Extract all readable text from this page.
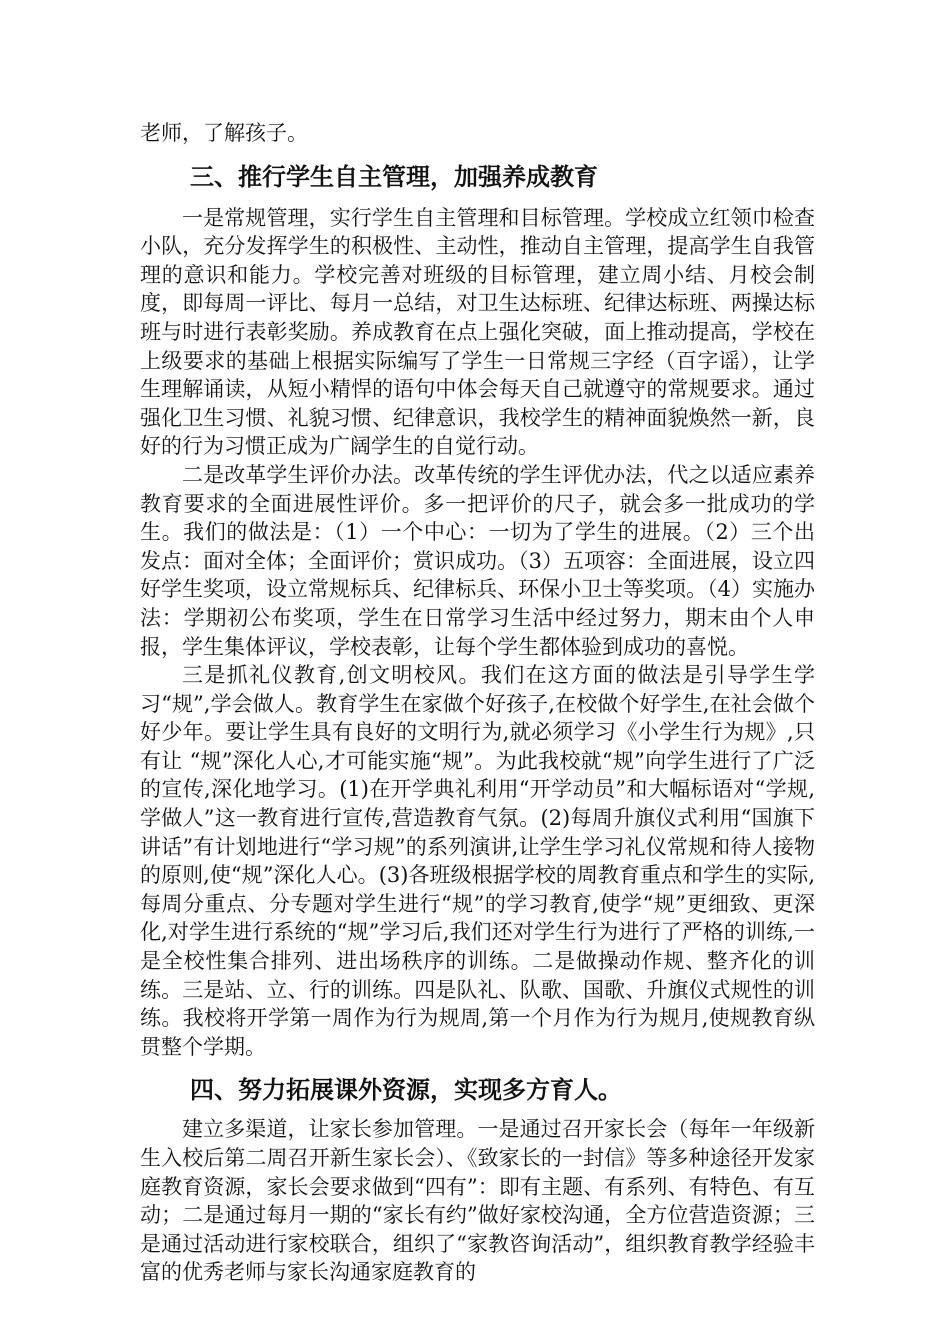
老师，了解孩子。

三、推行学生自主管理，加强养成教育

一是常规管理，实行学生自主管理和目标管理。学校成立红领巾检查小队，充分发挥学生的积极性、主动性，推动自主管理，提高学生自我管理的意识和能力。学校完善对班级的目标管理，建立周小结、月校会制度，即每周一评比、每月一总结，对卫生达标班、纪律达标班、两操达标班与时进行表彰奖励。养成教育在点上强化突破，面上推动提高，学校在上级要求的基础上根据实际编写了学生一日常规三字经（百字谣），让学生理解诵读，从短小精悍的语句中体会每天自己就遵守的常规要求。通过强化卫生习惯、礼貌习惯、纪律意识，我校学生的精神面貌焕然一新，良好的行为习惯正成为广阔学生的自觉行动。

二是改革学生评价办法。改革传统的学生评优办法，代之以适应素养教育要求的全面进展性评价。多一把评价的尺子，就会多一批成功的学生。我们的做法是：（1）一个中心：一切为了学生的进展。（2）三个出发点：面对全体；全面评价；赏识成功。（3）五项容：全面进展，设立四好学生奖项，设立常规标兵、纪律标兵、环保小卫士等奖项。（4）实施办法：学期初公布奖项，学生在日常学习生活中经过努力，期末由个人申报，学生集体评议，学校表彰，让每个学生都体验到成功的喜悦。

三是抓礼仪教育,创文明校风。我们在这方面的做法是引导学生学习“规”,学会做人。教育学生在家做个好孩子,在校做个好学生,在社会做个好少年。要让学生具有良好的文明行为,就必须学习《小学生行为规》,只有让 “规”深化人心,才可能实施“规”。为此我校就“规”向学生进行了广泛的宣传,深化地学习。(1)在开学典礼利用“开学动员”和大幅标语对“学规,学做人”这一教育进行宣传,营造教育气氛。(2)每周升旗仪式利用“国旗下讲话”有计划地进行“学习规”的系列演讲,让学生学习礼仪常规和待人接物的原则,使“规”深化人心。(3)各班级根据学校的周教育重点和学生的实际,每周分重点、分专题对学生进行“规”的学习教育,使学“规”更细致、更深化,对学生进行系统的“规”学习后,我们还对学生行为进行了严格的训练,一是全校性集合排列、进出场秩序的训练。二是做操动作规、整齐化的训练。三是站、立、行的训练。四是队礼、队歌、国歌、升旗仪式规性的训练。我校将开学第一周作为行为规周,第一个月作为行为规月,使规教育纵贯整个学期。

四、努力拓展课外资源，实现多方育人。

建立多渠道，让家长参加管理。一是通过召开家长会（每年一年级新生入校后第二周召开新生家长会）、《致家长的一封信》等多种途径开发家庭教育资源，家长会要求做到“四有”：即有主题、有系列、有特色、有互动；二是通过每月一期的“家长有约”做好家校沟通，全方位营造资源；三是通过活动进行家校联合，组织了“家教咨询活动”，组织教育教学经验丰富的优秀老师与家长沟通家庭教育的
